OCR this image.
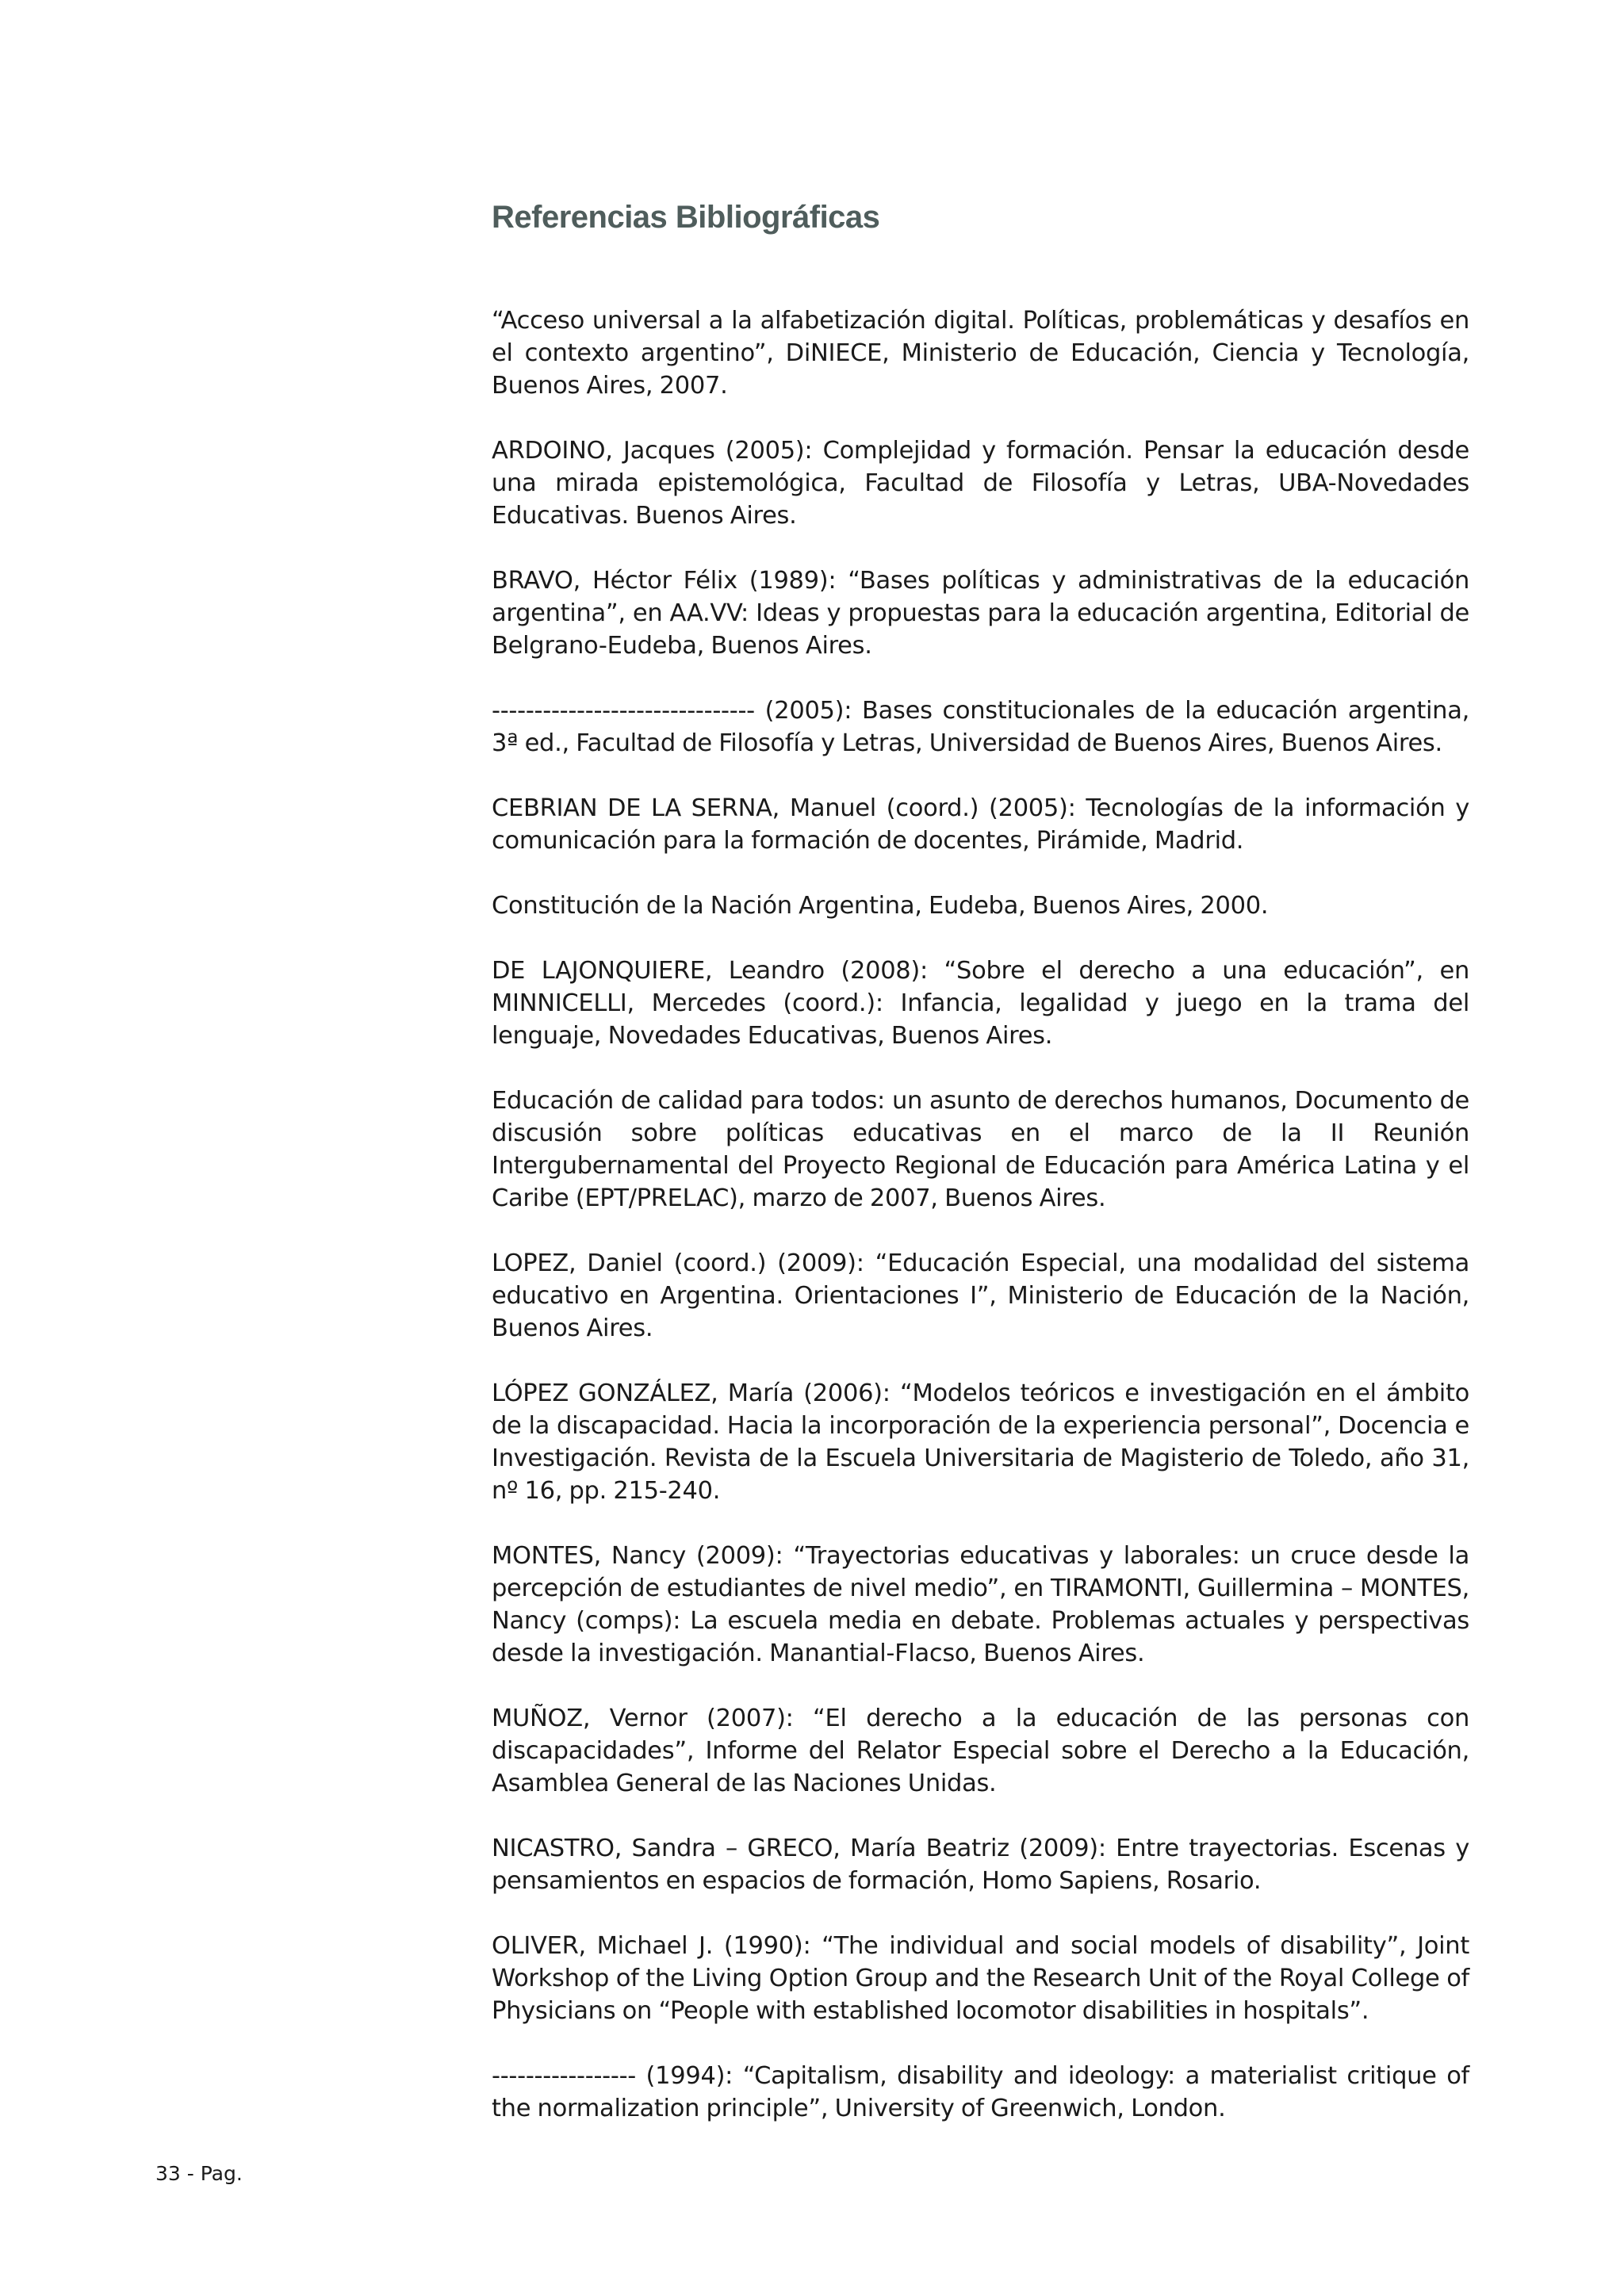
Referencias Bibliográficas

“Acceso universal a la alfabetización digital. Políticas, problemáticas y desafíos en el contexto argentino”, DiNIECE, Ministerio de Educación, Ciencia y Tecnología, Buenos Aires, 2007.

ARDOINO, Jacques (2005): Complejidad y formación. Pensar la educación desde una mirada epistemológica, Facultad de Filosofía y Letras, UBA-Novedades Educativas. Buenos Aires.

BRAVO, Héctor Félix (1989): “Bases políticas y administrativas de la educación argentina”, en AA.VV: Ideas y propuestas para la educación argentina, Editorial de Belgrano-Eudeba, Buenos Aires.

------------------------------- (2005): Bases constitucionales de la educación argentina, 3ª ed., Facultad de Filosofía y Letras, Universidad de Buenos Aires, Buenos Aires.

CEBRIAN DE LA SERNA, Manuel (coord.) (2005): Tecnologías de la información y comunicación para la formación de docentes, Pirámide, Madrid.

Constitución de la Nación Argentina, Eudeba, Buenos Aires, 2000.

DE LAJONQUIERE, Leandro (2008): “Sobre el derecho a una educación”, en MINNICELLI, Mercedes (coord.): Infancia, legalidad y juego en la trama del lenguaje, Novedades Educativas, Buenos Aires.

Educación de calidad para todos: un asunto de derechos humanos, Documento de discusión sobre políticas educativas en el marco de la II Reunión Intergubernamental del Proyecto Regional de Educación para América Latina y el Caribe (EPT/PRELAC), marzo de 2007, Buenos Aires.

LOPEZ, Daniel (coord.) (2009): “Educación Especial, una modalidad del sistema educativo en Argentina. Orientaciones I”, Ministerio de Educación de la Nación, Buenos Aires.

LÓPEZ GONZÁLEZ, María (2006): “Modelos teóricos e investigación en el ámbito de la discapacidad. Hacia la incorporación de la experiencia personal”, Docencia e Investigación. Revista de la Escuela Universitaria de Magisterio de Toledo, año 31, nº 16, pp. 215-240.

MONTES, Nancy (2009): “Trayectorias educativas y laborales: un cruce desde la percepción de estudiantes de nivel medio”, en TIRAMONTI, Guillermina – MONTES, Nancy (comps): La escuela media en debate. Problemas actuales y perspectivas desde la investigación. Manantial-Flacso, Buenos Aires.

MUÑOZ, Vernor (2007): “El derecho a la educación de las personas con discapacidades”, Informe del Relator Especial sobre el Derecho a la Educación, Asamblea General de las Naciones Unidas.

NICASTRO, Sandra – GRECO, María Beatriz (2009): Entre trayectorias. Escenas y pensamientos en espacios de formación, Homo Sapiens, Rosario.

OLIVER, Michael J. (1990): “The individual and social models of disability”, Joint Workshop of the Living Option Group and the Research Unit of the Royal College of Physicians on “People with established locomotor disabilities in hospitals”.

----------------- (1994): “Capitalism, disability and ideology: a materialist critique of the normalization principle”, University of Greenwich, London.

33 - Pag.
